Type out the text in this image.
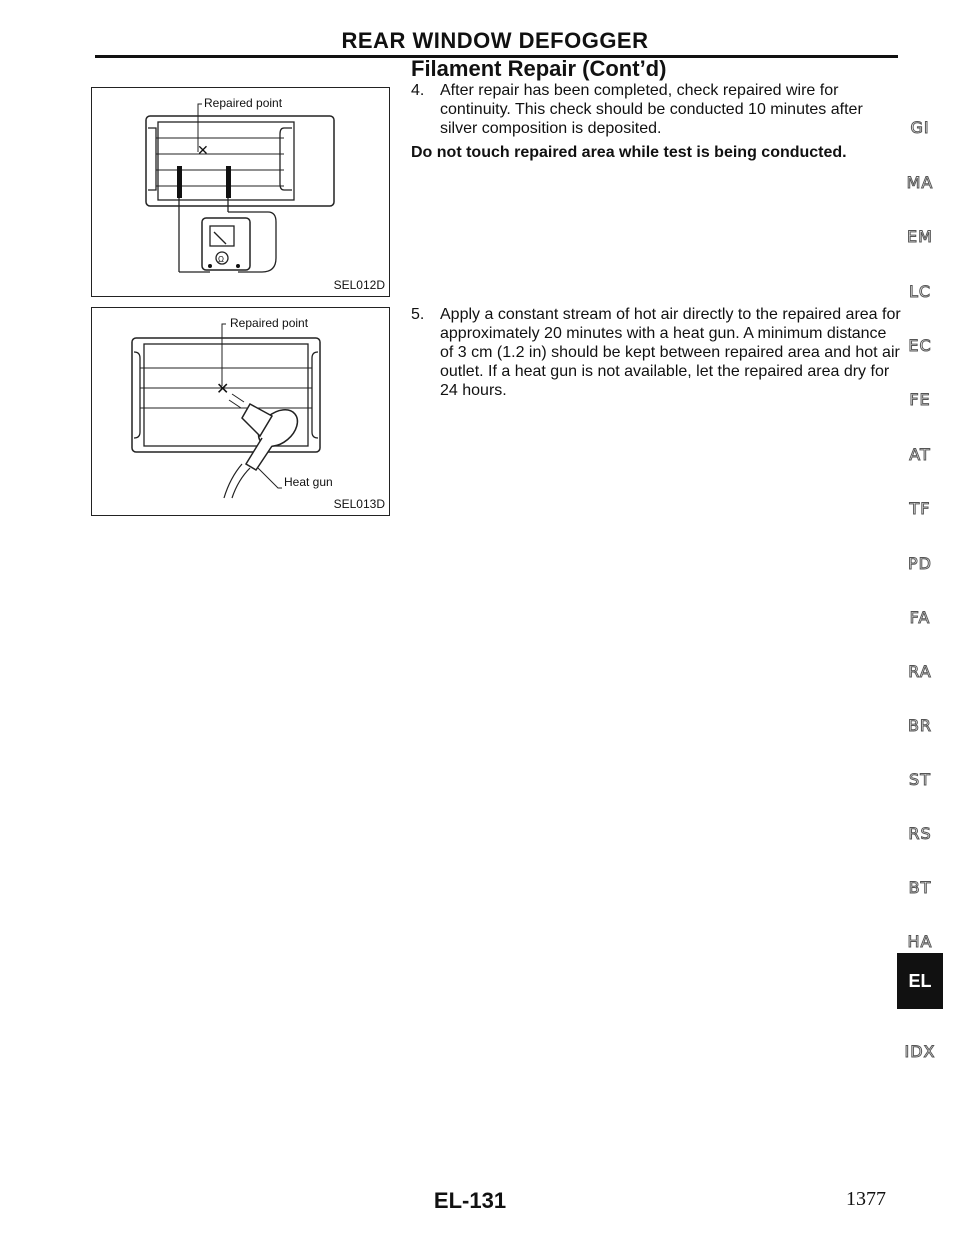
REAR WINDOW DEFOGGER
Filament Repair (Cont’d)
✕
Ω
Repaired point
SEL012D
✕
Repaired point
Heat gun
SEL013D
4. After repair has been completed, check repaired wire for continuity. This check should be conducted 10 minutes after silver composition is deposited.
Do not touch repaired area while test is being conducted.
5. Apply a constant stream of hot air directly to the repaired area for approximately 20 minutes with a heat gun. A minimum distance of 3 cm (1.2 in) should be kept between repaired area and hot air outlet. If a heat gun is not available, let the repaired area dry for 24 hours.
GI
MA
EM
LC
EC
FE
AT
TF
PD
FA
RA
BR
ST
RS
BT
HA
IDX
EL
EL-131	1377
